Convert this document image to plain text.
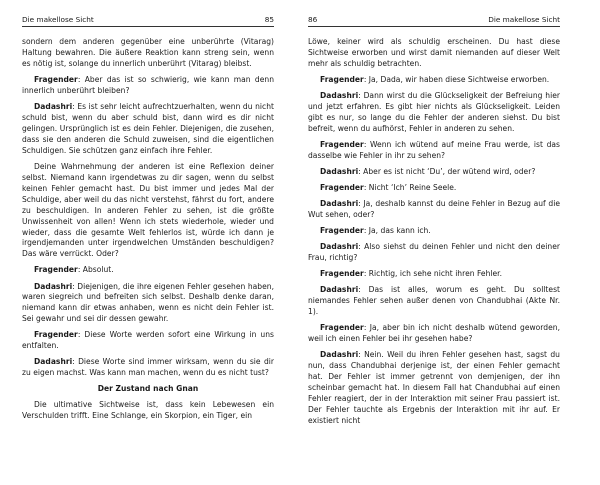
Die makellose Sicht	85

sondern dem anderen gegenüber eine unberührte (Vitarag) Haltung bewahren. Die äußere Reaktion kann streng sein, wenn es nötig ist, solange du innerlich unberührt (Vitarag) bleibst.

Fragender: Aber das ist so schwierig, wie kann man denn innerlich unberührt bleiben?

Dadashri: Es ist sehr leicht aufrechtzuerhalten, wenn du nicht schuld bist, wenn du aber schuld bist, dann wird es dir nicht gelingen. Ursprünglich ist es dein Fehler. Diejenigen, die zusehen, dass sie den anderen die Schuld zuweisen, sind die eigentlichen Schuldigen. Sie schützen ganz einfach ihre Fehler.

Deine Wahrnehmung der anderen ist eine Reflexion deiner selbst. Niemand kann irgendetwas zu dir sagen, wenn du selbst keinen Fehler gemacht hast. Du bist immer und jedes Mal der Schuldige, aber weil du das nicht verstehst, fährst du fort, andere zu beschuldigen. In anderen Fehler zu sehen, ist die größte Unwissenheit von allen! Wenn ich stets wiederhole, wieder und wieder, dass die gesamte Welt fehlerlos ist, würde ich dann je irgendjemanden unter irgendwelchen Umständen beschuldigen? Das wäre verrückt. Oder?

Fragender: Absolut.

Dadashri: Diejenigen, die ihre eigenen Fehler gesehen haben, waren siegreich und befreiten sich selbst. Deshalb denke daran, niemand kann dir etwas anhaben, wenn es nicht dein Fehler ist. Sei gewahr und sei dir dessen gewahr.

Fragender: Diese Worte werden sofort eine Wirkung in uns entfalten.

Dadashri: Diese Worte sind immer wirksam, wenn du sie dir zu eigen machst. Was kann man machen, wenn du es nicht tust?

Der Zustand nach Gnan

Die ultimative Sichtweise ist, dass kein Lebewesen ein Verschulden trifft. Eine Schlange, ein Skorpion, ein Tiger, ein

86	Die makellose Sicht

Löwe, keiner wird als schuldig erscheinen. Du hast diese Sichtweise erworben und wirst damit niemanden auf dieser Welt mehr als schuldig betrachten.

Fragender: Ja, Dada, wir haben diese Sichtweise erworben.

Dadashri: Dann wirst du die Glückseligkeit der Befreiung hier und jetzt erfahren. Es gibt hier nichts als Glückseligkeit. Leiden gibt es nur, so lange du die Fehler der anderen siehst. Du bist befreit, wenn du aufhörst, Fehler in anderen zu sehen.

Fragender: Wenn ich wütend auf meine Frau werde, ist das dasselbe wie Fehler in ihr zu sehen?

Dadashri: Aber es ist nicht ‘Du’, der wütend wird, oder?

Fragender: Nicht ‘Ich’ Reine Seele.

Dadashri: Ja, deshalb kannst du deine Fehler in Bezug auf die Wut sehen, oder?

Fragender: Ja, das kann ich.

Dadashri: Also siehst du deinen Fehler und nicht den deiner Frau, richtig?

Fragender: Richtig, ich sehe nicht ihren Fehler.

Dadashri: Das ist alles, worum es geht. Du solltest niemandes Fehler sehen außer denen von Chandubhai (Akte Nr. 1).

Fragender: Ja, aber bin ich nicht deshalb wütend geworden, weil ich einen Fehler bei ihr gesehen habe?

Dadashri: Nein. Weil du ihren Fehler gesehen hast, sagst du nun, dass Chandubhai derjenige ist, der einen Fehler gemacht hat. Der Fehler ist immer getrennt von demjenigen, der ihn scheinbar gemacht hat. In diesem Fall hat Chandubhai auf einen Fehler reagiert, der in der Interaktion mit seiner Frau passiert ist. Der Fehler tauchte als Ergebnis der Interaktion mit ihr auf. Er existiert nicht
